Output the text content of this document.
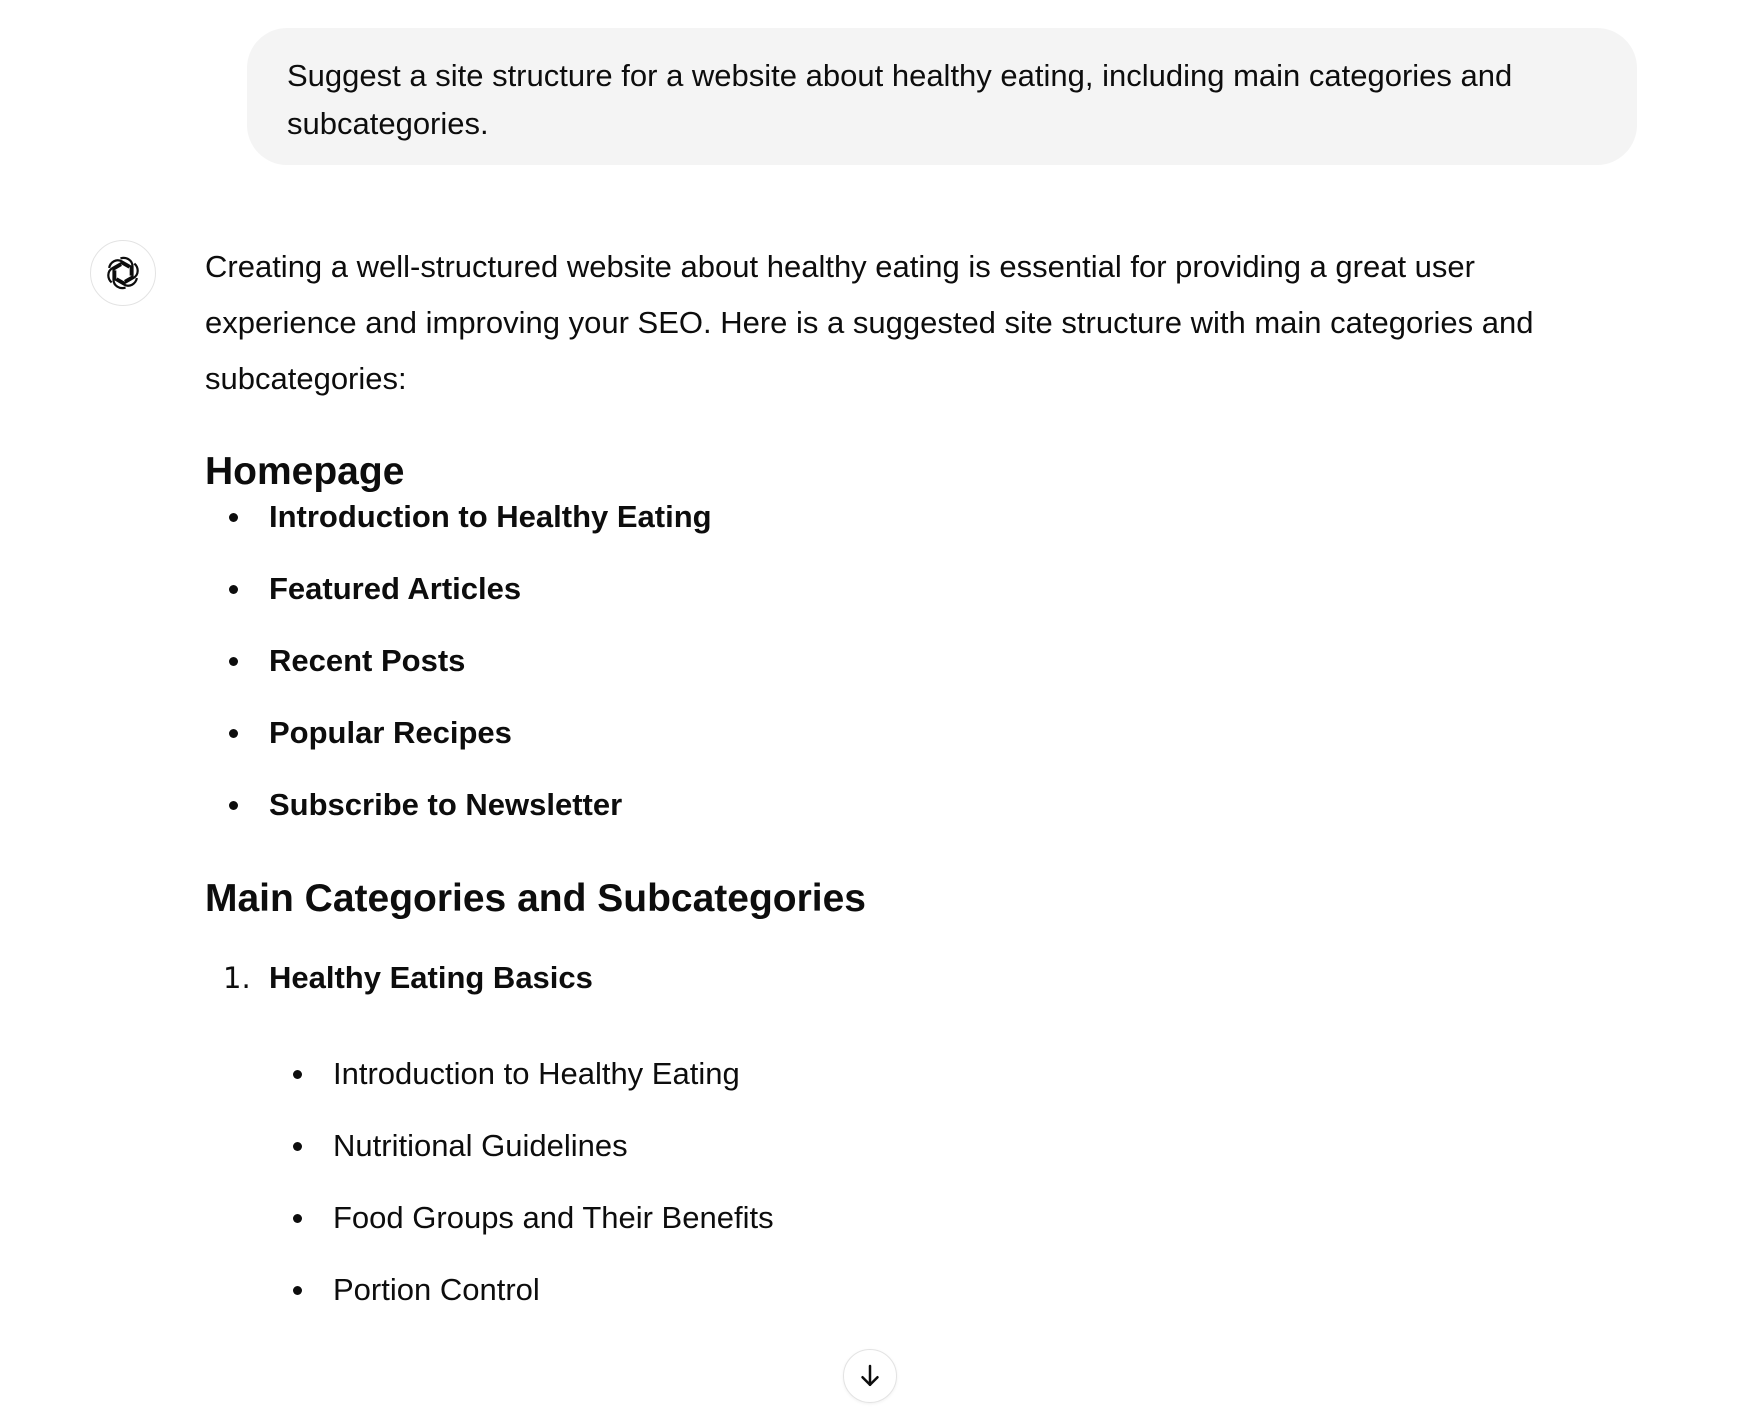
Suggest a site structure for a website about healthy eating, including main categories and subcategories.

Creating a well-structured website about healthy eating is essential for providing a great user experience and improving your SEO. Here is a suggested site structure with main categories and subcategories:

Homepage
Introduction to Healthy Eating
Featured Articles
Recent Posts
Popular Recipes
Subscribe to Newsletter
Main Categories and Subcategories
1. Healthy Eating Basics
Introduction to Healthy Eating
Nutritional Guidelines
Food Groups and Their Benefits
Portion Control
